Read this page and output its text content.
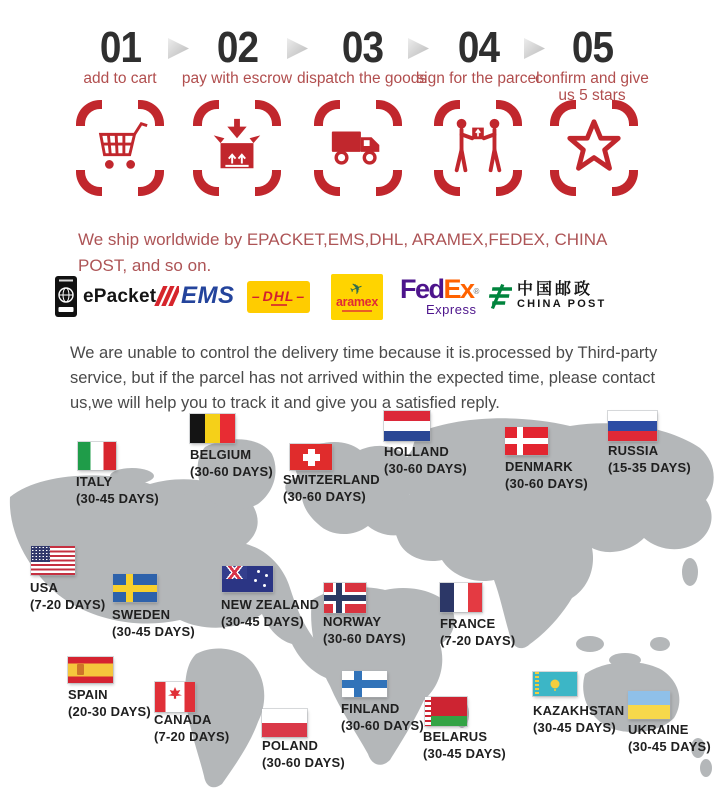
01
add to cart
02
pay with escrow
03
dispatch the goods
04
sign for the parcel
05
confirm and give us 5 stars

We ship worldwide by EPACKET,EMS,DHL, ARAMEX,FEDEX, CHINA POST, and so on.

ePacket EMS	– DHL –	✈
aramex FedEx®
Express
中国邮政
CHINA POST

We are unable to control the delivery time because it is.processed by Third-party service, but if the parcel has not arrived within the expected time, please contact us,we will help you to track it and give you a satisfied reply.

ITALY
(30-45 DAYS)
BELGIUM
(30-60 DAYS)
SWITZERLAND
(30-60 DAYS)
HOLLAND
(30-60 DAYS)	DENMARK
(30-60 DAYS)
RUSSIA
(15-35 DAYS)
USA
(7-20 DAYS)
SWEDEN
(30-45 DAYS)
NEW ZEALAND
(30-45 DAYS)	NORWAY
(30-60 DAYS)
FRANCE
(7-20 DAYS)
SPAIN
(20-30 DAYS)
CANADA
(7-20 DAYS)
POLAND
(30-60 DAYS)
FINLAND
(30-60 DAYS)
BELARUS
(30-45 DAYS)
KAZAKHSTAN
(30-45 DAYS) UKRAINE
(30-45 DAYS)
